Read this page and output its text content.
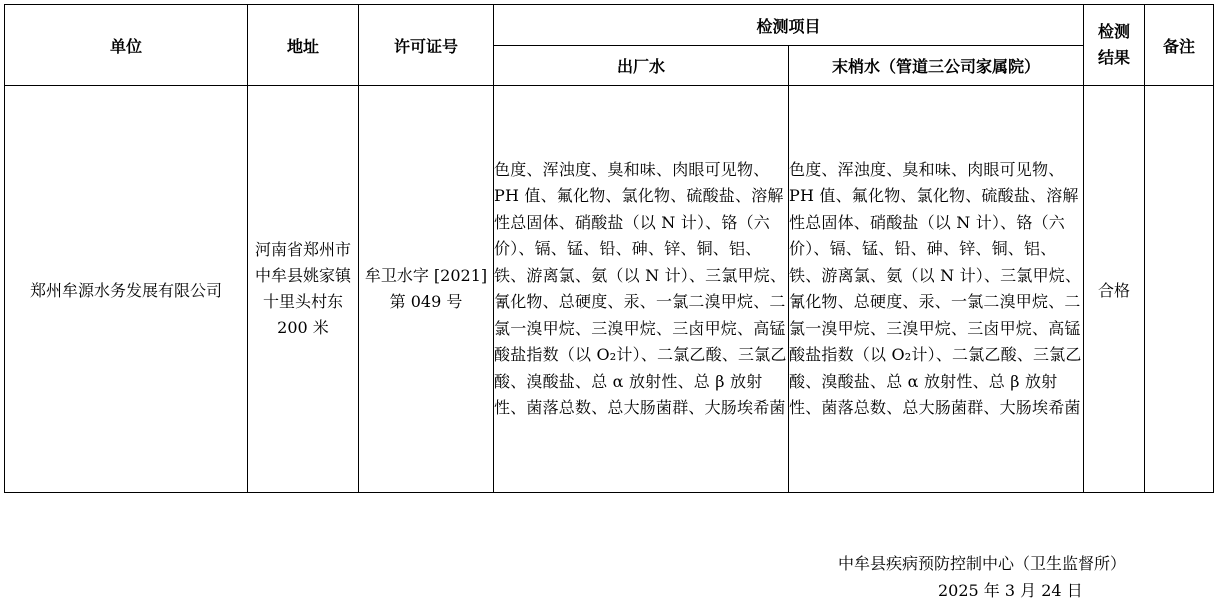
单位	地址	许可证号	检测项目		检测结果	备注
			出厂水	末梢水（管道三公司家属院）		
郑州牟源水务发展有限公司	河南省郑州市中牟县姚家镇十里头村东 200 米	牟卫水字 [2021]第 049 号	色度、浑浊度、臭和味、肉眼可见物、PH 值、氟化物、氯化物、硫酸盐、溶解性总固体、硝酸盐（以 N 计）、铬（六价）、镉、锰、铅、砷、锌、铜、铝、铁、游离氯、氨（以 N 计）、三氯甲烷、氰化物、总硬度、汞、一氯二溴甲烷、二氯一溴甲烷、三溴甲烷、三卤甲烷、高锰酸盐指数（以 O₂计）、二氯乙酸、三氯乙酸、溴酸盐、总 α 放射性、总 β 放射性、菌落总数、总大肠菌群、大肠埃希菌	色度、浑浊度、臭和味、肉眼可见物、PH 值、氟化物、氯化物、硫酸盐、溶解性总固体、硝酸盐（以 N 计）、铬（六价）、镉、锰、铅、砷、锌、铜、铝、铁、游离氯、氨（以 N 计）、三氯甲烷、氰化物、总硬度、汞、一氯二溴甲烷、二氯一溴甲烷、三溴甲烷、三卤甲烷、高锰酸盐指数（以 O₂计）、二氯乙酸、三氯乙酸、溴酸盐、总 α 放射性、总 β 放射性、菌落总数、总大肠菌群、大肠埃希菌	合格	
中牟县疾病预防控制中心（卫生监督所）
2025 年 3 月 24 日
